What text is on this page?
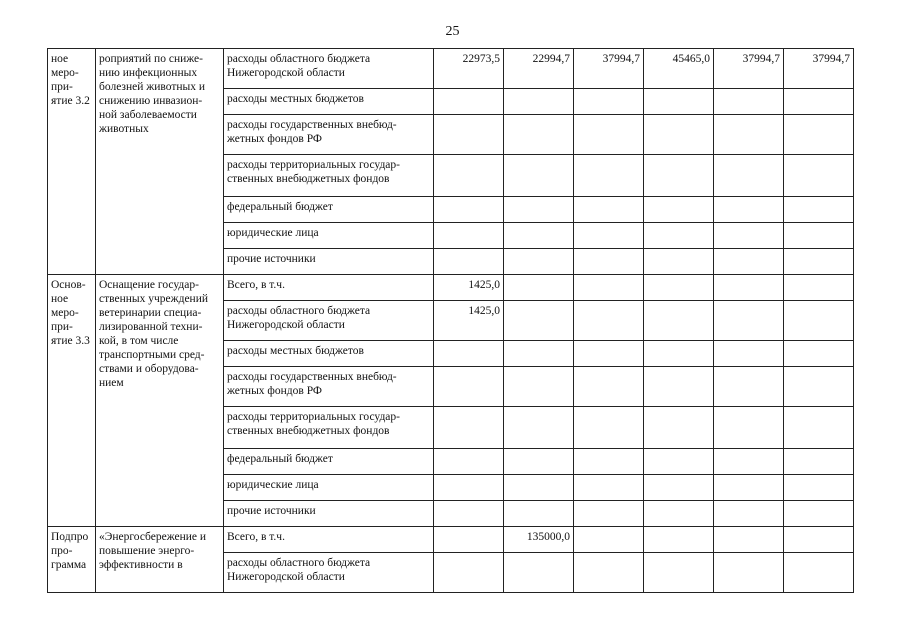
25
ное меро-при-ятие 3.2	роприятий по сниже-нию инфекционных болезней животных и снижению инвазион-ной заболеваемости животных	расходы областного бюджета Нижегородской области	22973,5	22994,7	37994,7	45465,0	37994,7	37994,7
		расходы местных бюджетов						
		расходы государственных внебюд-жетных фондов РФ						
		расходы территориальных государ-ственных внебюджетных фондов						
		федеральный бюджет						
		юридические лица						
		прочие источники						
Основ-ное меро-при-ятие 3.3	Оснащение государ-ственных учреждений ветеринарии специа-лизированной техни-кой, в том числе транспортными сред-ствами и оборудова-нием	Всего, в т.ч.	1425,0					
		расходы областного бюджета Нижегородской области	1425,0					
		расходы местных бюджетов						
		расходы государственных внебюд-жетных фондов РФ						
		расходы территориальных государ-ственных внебюджетных фондов						
		федеральный бюджет						
		юридические лица						
		прочие источники						
Подпро про-грамма	«Энергосбережение и повышение энерго-эффективности в	Всего, в т.ч.		135000,0				
		расходы областного бюджета Нижегородской области						
